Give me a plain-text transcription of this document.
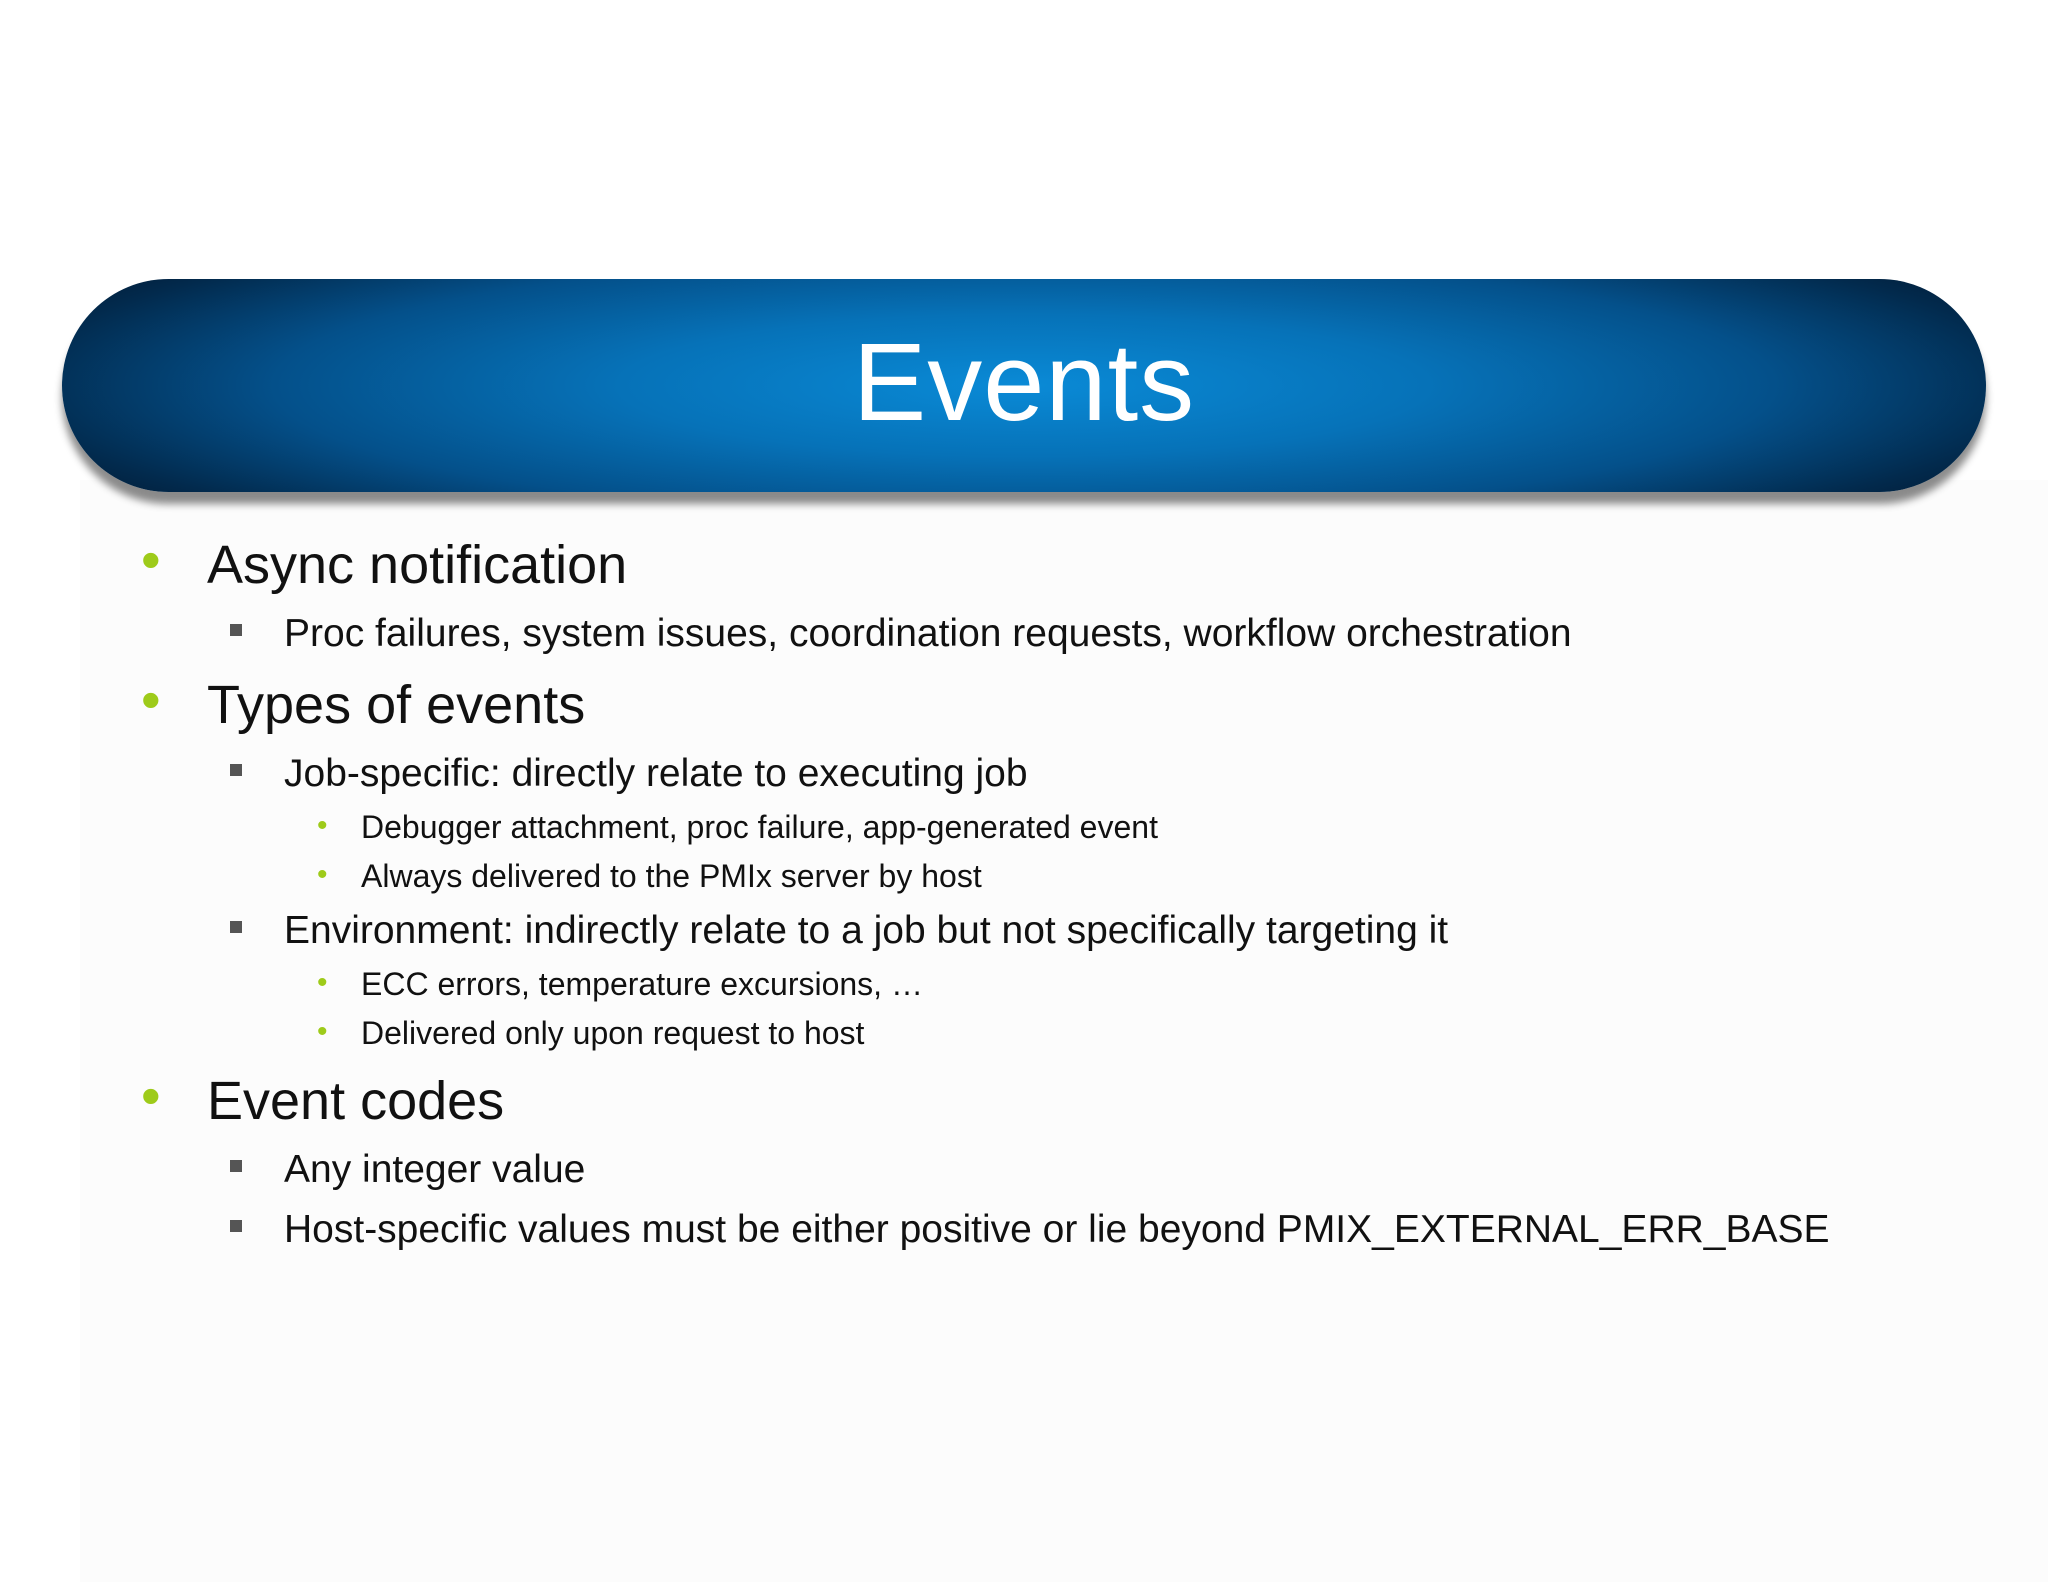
Events
• Async notification
Proc failures, system issues, coordination requests, workflow orchestration
• Types of events
Job-specific: directly relate to executing job
• Debugger attachment, proc failure, app-generated event
• Always delivered to the PMIx server by host
Environment: indirectly relate to a job but not specifically targeting it
• ECC errors, temperature excursions, …
• Delivered only upon request to host
• Event codes
Any integer value
Host-specific values must be either positive or lie beyond PMIX_EXTERNAL_ERR_BASE
